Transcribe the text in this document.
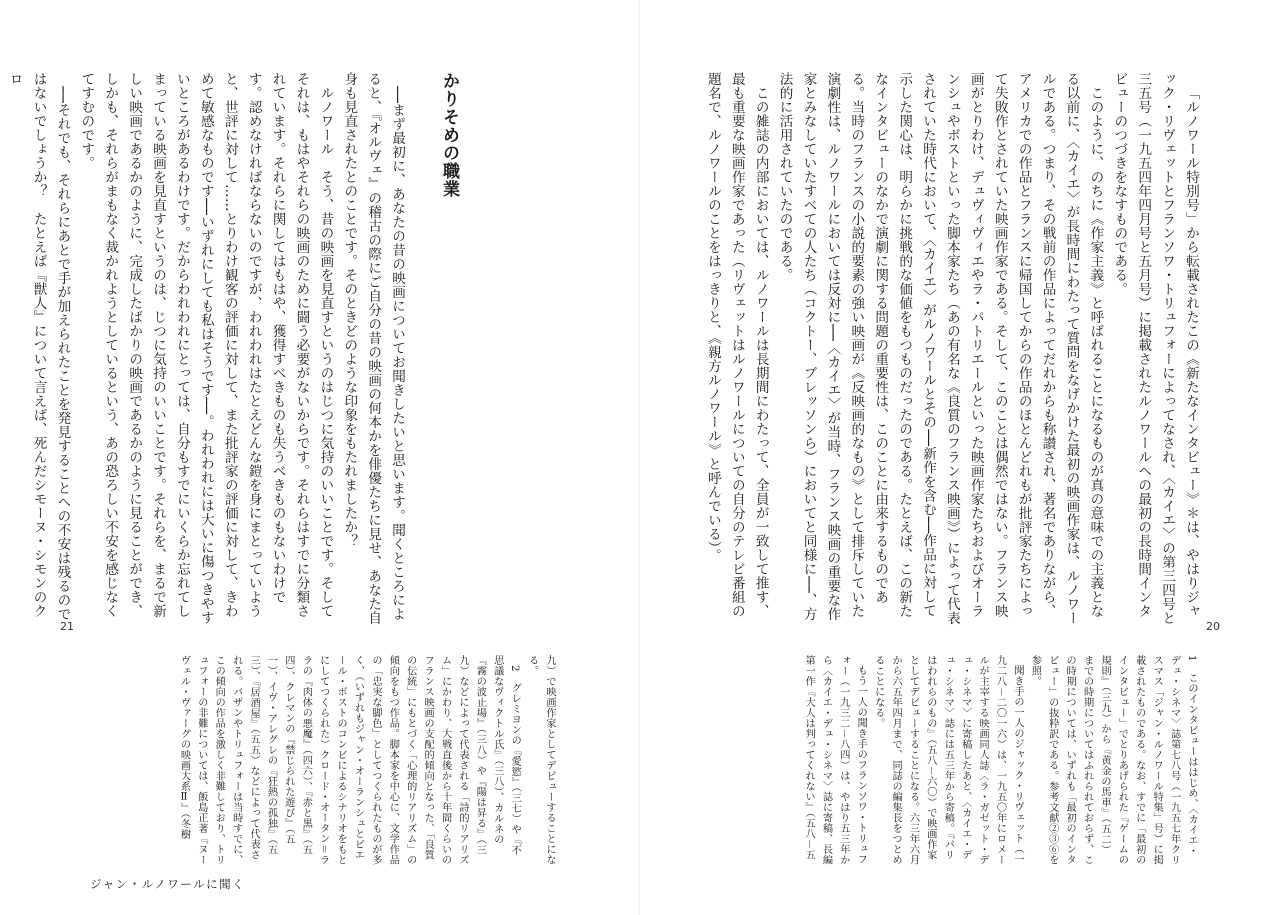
「ルノワール特別号」から転載されたこの《新たなインタビュー》＊は、やはりジャック・リヴェットとフランソワ・トリュフォーによってなされ、〈カイエ〉の第三四号と三五号（一九五四年四月号と五月号）に掲載されたルノワールへの最初の長時間インタビューのつづきをなすものである。

このように、のちに《作家主義》と呼ばれることになるものが真の意味での主義となる以前に、〈カイエ〉が長時間にわたって質問をなげかけた最初の映画作家は、ルノワールである。つまり、その戦前の作品によってだれからも称讃され、著名でありながら、アメリカでの作品とフランスに帰国してからの作品のほとんどれもが批評家たちによって失敗作とされていた映画作家である。そして、このことは偶然ではない。フランス映画がとりわけ、デュヴィヴィエやラ・パトリエールといった映画作家たちおよびオーランシュやボストといった脚本家たち（あの有名な《良質のフランス映画》）によって代表されていた時代において、〈カイエ〉がルノワールとその──新作を含む──作品に対して示した関心は、明らかに挑戦的な価値をもつものだったのである。たとえば、この新たなインタビューのなかで演劇に関する問題の重要性は、このことに由来するものである。当時のフランスの小説的要素の強い映画が《反映画的なもの》として排斥していた演劇性は、ルノワールにおいては反対に──〈カイエ〉が当時、フランス映画の重要な作家とみなしていたすべての人たち（コクトー、ブレッソンら）においてと同様に──、方法的に活用されていたのである。

この雑誌の内部においては、ルノワールは長期間にわたって、全員が一致して推す、最も重要な映画作家であった（リヴェットはルノワールについての自分のテレビ番組の題名で、ルノワールのことをはっきりと、《親方ルノワール》と呼んでいる）。

20

1　このインタビューははじめ、〈カイエ・デュ・シネマ〉誌第七八号（一九五七年クリスマス「ジャン・ルノワール特集」号）に掲載されたものである。なお、すでに「最初のインタビュー」でとりあげられた『ゲームの規則』（三九）から『黄金の馬車』（五二）までの時期についてはふれられておらず、この時期については、いずれも「最初のインタビュー」の抜粋訳である。参考文献②③⑥を参照。

聞き手の一人のジャック・リヴェット（一九二八－二〇一六）は、一九五〇年にロメールが主宰する映画同人誌〈ラ・ガゼット・デュ・シネマ〉に寄稿したあと、〈カイエ・デュ・シネマ〉誌には五三年から寄稿。『パリはわれらのもの』（五八－六〇）で映画作家としてデビューすることになる。六三年六月から六五年四月まで、同誌の編集長をつとめることになる。

もう一人の聞き手のフランソワ・トリュフォー（一九三二－八四）は、やはり五三年から〈カイエ・デュ・シネマ〉誌に寄稿、長編第一作『大人は判ってくれない』（五八－五

かりそめの職業

──まず最初に、あなたの昔の映画についてお聞きしたいと思います。聞くところによると、『オルヴェ』の稽古の際にご自分の昔の映画の何本かを俳優たちに見せ、あなた自身も見直されたとのことです。そのときどのような印象をもたれましたか？

ルノワール　そう、昔の映画を見直すというのはじつに気持のいいことです。そしてそれは、もはやそれらの映画のために闘う必要がないからです。それらはすでに分類されています。それらに関してはもはや、獲得すべきものも失うべきものもないわけです。認めなければならないのですが、われわれはたとえどんな鎧を身にまとっていようと、世評に対して……とりわけ観客の評価に対して、また批評家の評価に対して、きわめて敏感なものです──いずれにしても私はそうです──。われわれには大いに傷つきやすいところがあるわけです。だからわれわれにとっては、自分もすでにいくらか忘れてしまっている映画を見直すというのは、じつに気持のいいことです。それらを、まるで新しい映画であるかのように、完成したばかりの映画であるかのように見ることができ、しかも、それらがまもなく裁かれようとしているという、あの恐ろしい不安を感じなくてすむのです。

──それでも、それらにあとで手が加えられたことを発見することへの不安は残るのではないでしょうか？　たとえば『獣人』について言えば、死んだシモーヌ・シモンのクロ

21

九）で映画作家としてデビューすることになる。

2　グレミヨンの『愛慾』（三七）や『不思議なヴィクトル氏』（三八）、カルネの『霧の波止場』（三八）や『陽は昇る』（三九）などによって代表される「詩的リアリズム」にかわり、大戦直後から十年間くらいのフランス映画の支配的傾向となった、「良質の伝統」にもとづく「心理的リアリズム」の傾向をもつ作品。脚本家を中心に、文学作品の「忠実な脚色」としてつくられたものが多く、（いずれもジャン・オーランシュとピエール・ボストのコンビによるシナリオをもとにしてつくられた）クロード・オータン＝ララの『肉体の悪魔』（四六）、『赤と黒』（五四）、クレマンの『禁じられた遊び』（五一）、イヴ・アレグレの『狂熱の孤独』（五三）、『居酒屋』（五五）などによって代表される。バザンやトリュフォーは当時すでに、この傾向の作品を激しく非難しており、トリュフォーの非難については、飯島正著『ヌーヴェル・ヴァーグの映画大系Ⅱ』（冬樹

ジャン・ルノワールに聞く
